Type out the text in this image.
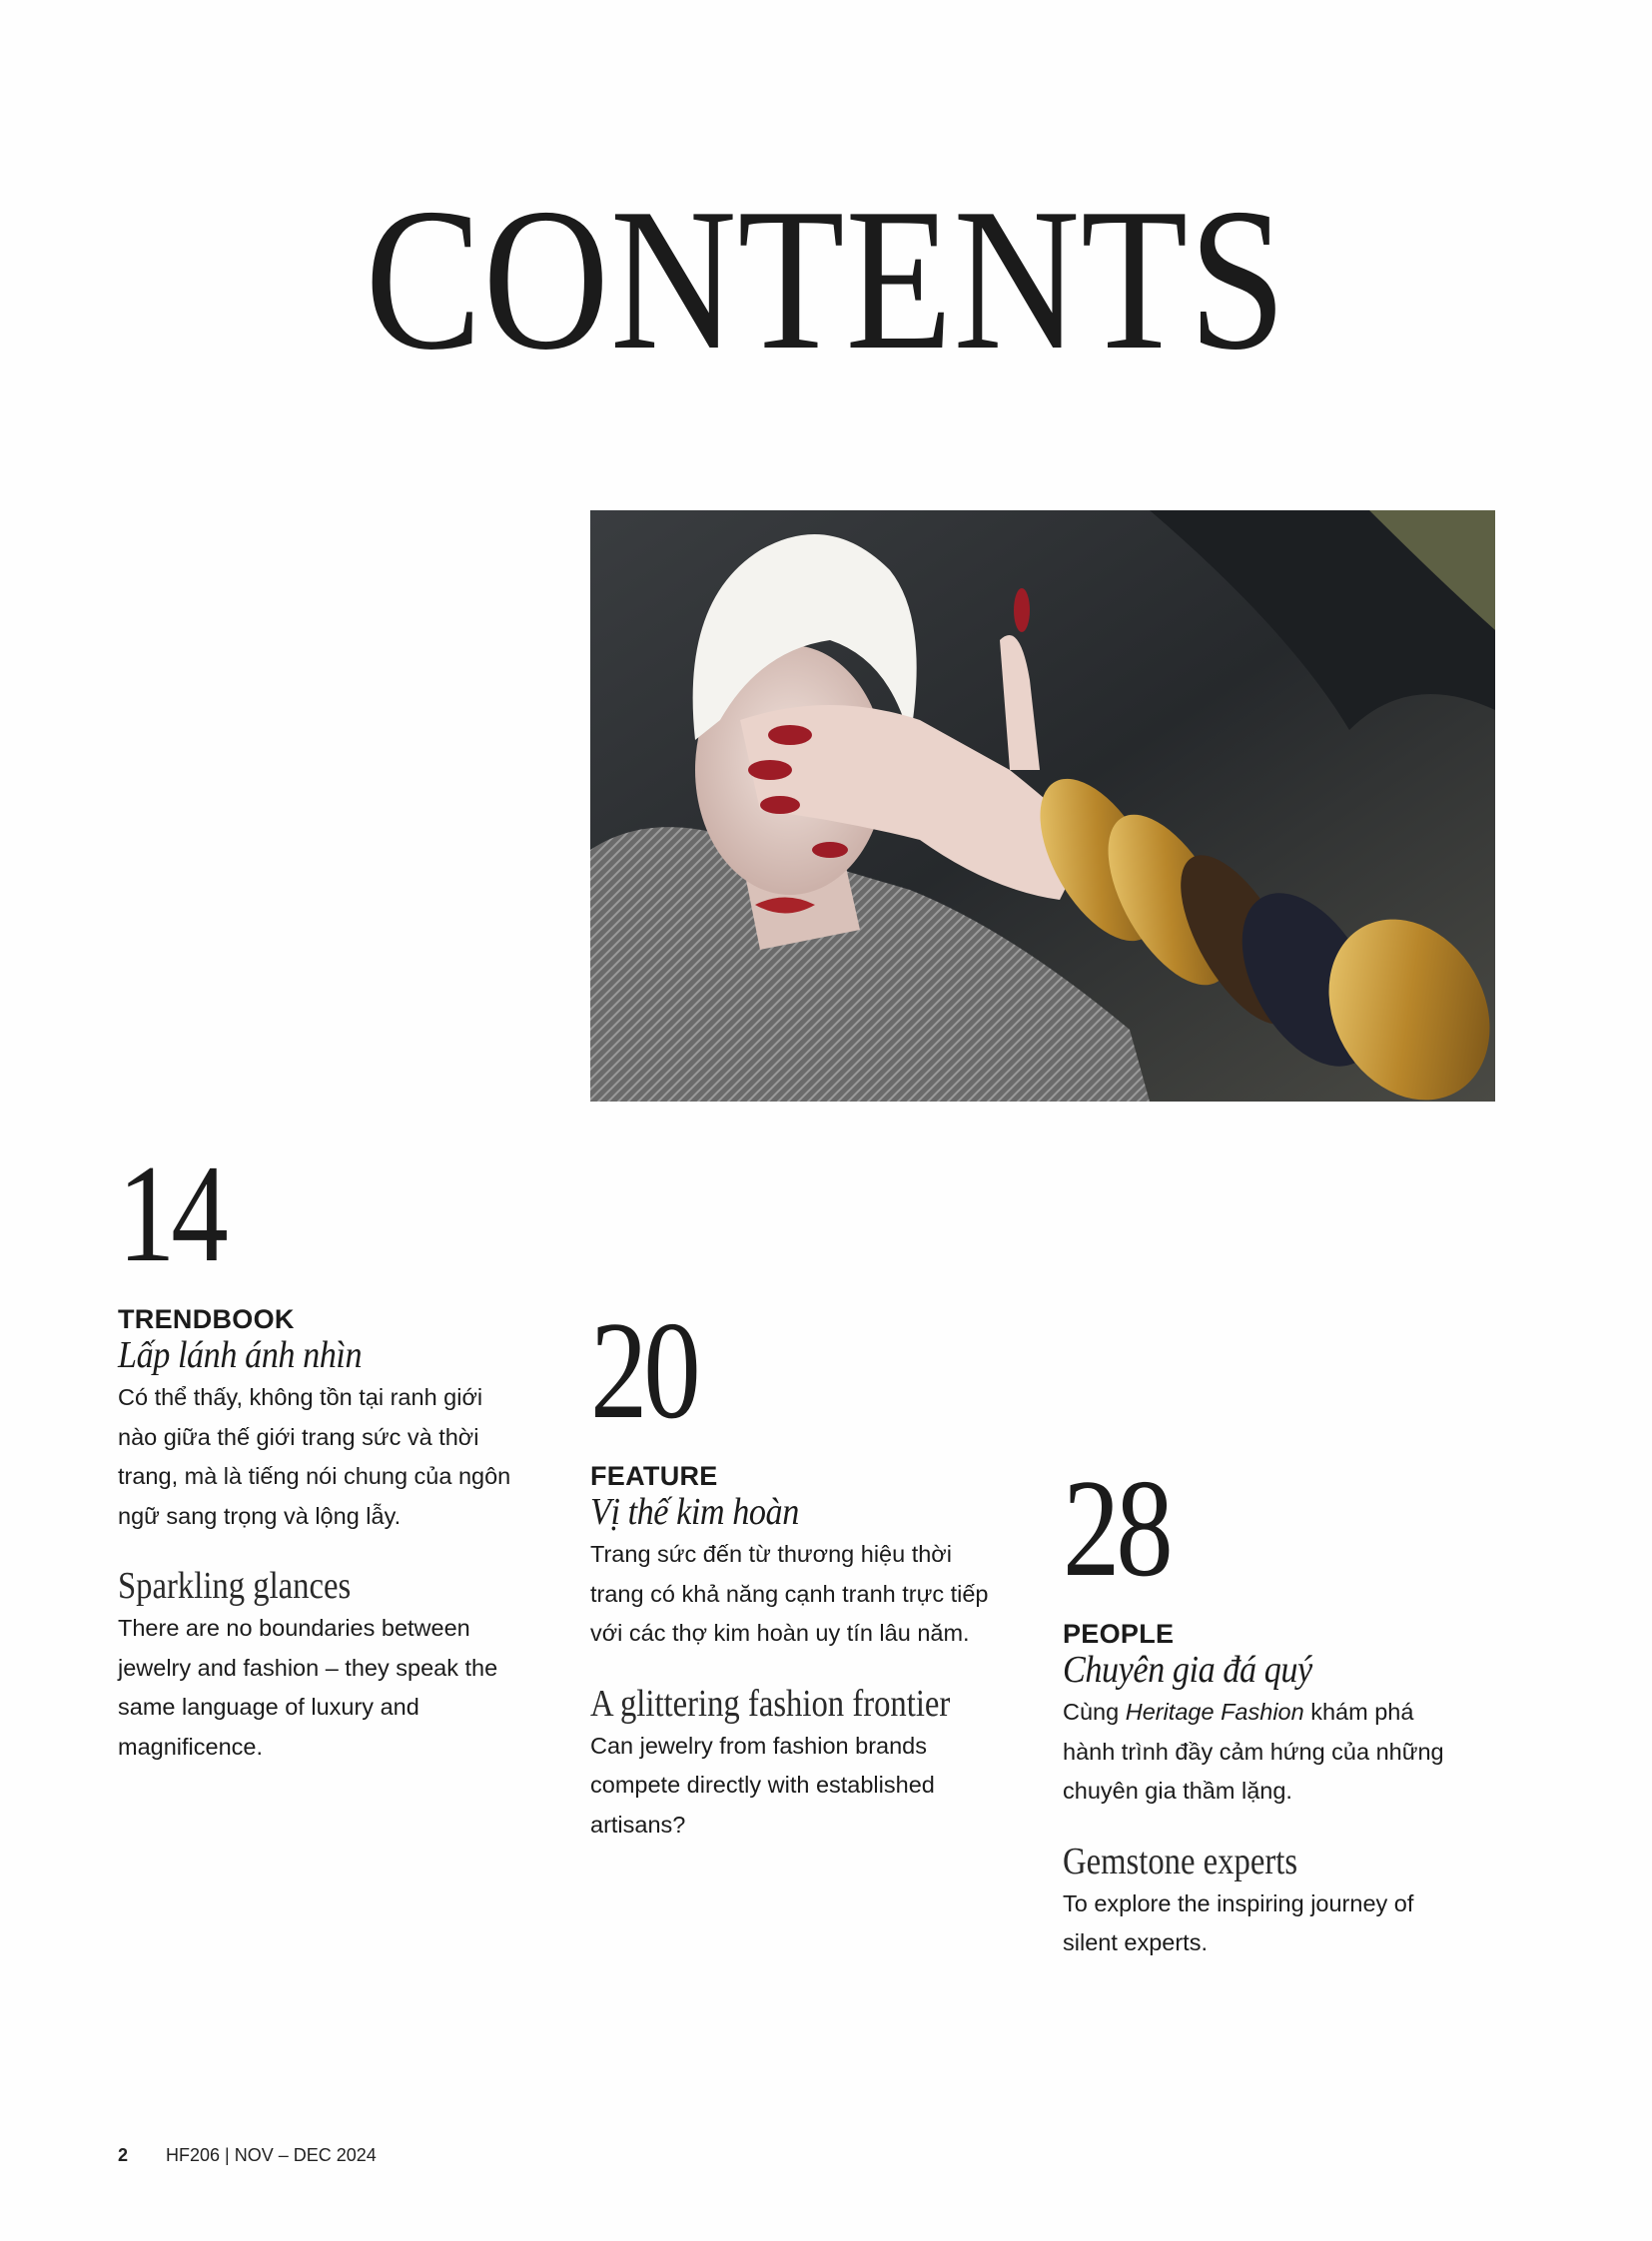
CONTENTS
14
TRENDBOOK
Lấp lánh ánh nhìn
Có thể thấy, không tồn tại ranh giới nào giữa thế giới trang sức và thời trang, mà là tiếng nói chung của ngôn ngữ sang trọng và lộng lẫy.
Sparkling glances
There are no boundaries between jewelry and fashion – they speak the same language of luxury and magnificence.
20
FEATURE
Vị thế kim hoàn
Trang sức đến từ thương hiệu thời trang có khả năng cạnh tranh trực tiếp với các thợ kim hoàn uy tín lâu năm.
A glittering fashion frontier
Can jewelry from fashion brands compete directly with established artisans?
28
PEOPLE
Chuyên gia đá quý
Cùng Heritage Fashion khám phá hành trình đầy cảm hứng của những chuyên gia thầm lặng.
Gemstone experts
To explore the inspiring journey of silent experts.
2 HF206 | NOV – DEC 2024
